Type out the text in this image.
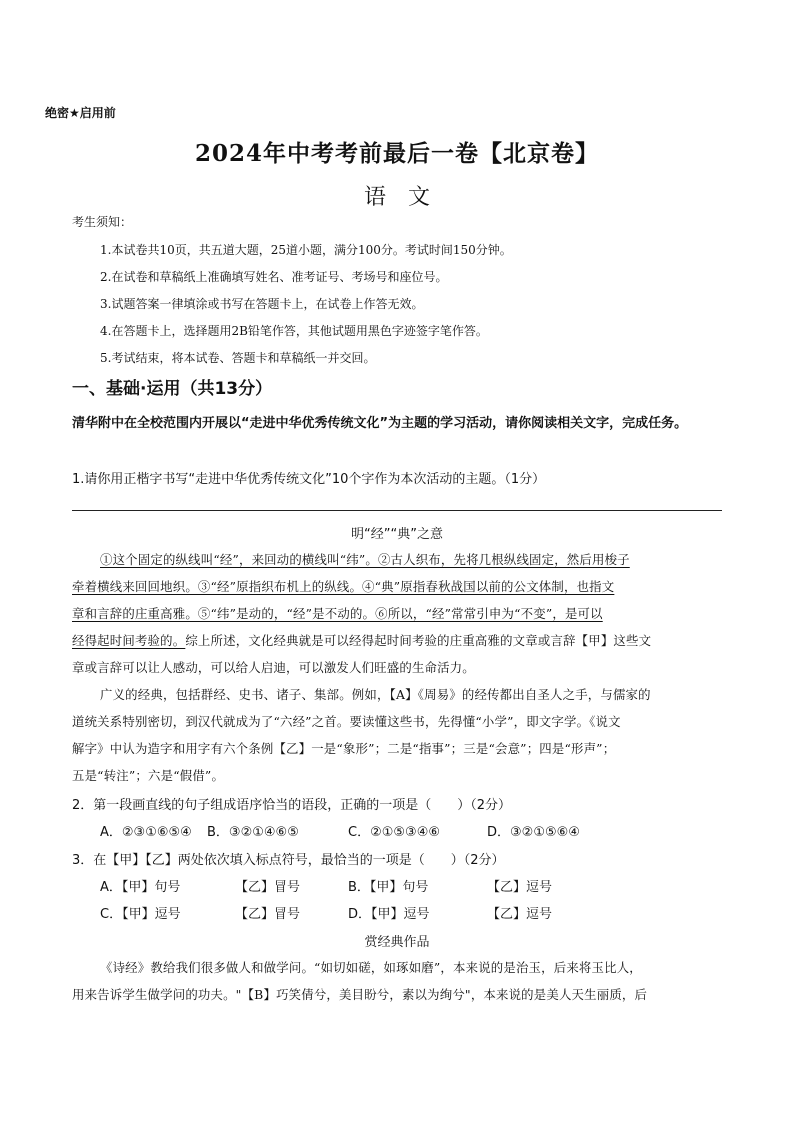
绝密★启用前
2024年中考考前最后一卷【北京卷】
语文
考生须知：
1.本试卷共10页，共五道大题，25道小题，满分100分。考试时间150分钟。
2.在试卷和草稿纸上准确填写姓名、准考证号、考场号和座位号。
3.试题答案一律填涂或书写在答题卡上，在试卷上作答无效。
4.在答题卡上，选择题用2B铅笔作答，其他试题用黑色字迹签字笔作答。
5.考试结束，将本试卷、答题卡和草稿纸一并交回。
一、基础·运用（共13分）
清华附中在全校范围内开展以“走进中华优秀传统文化”为主题的学习活动，请你阅读相关文字，完成任务。
1.请你用正楷字书写“走进中华优秀传统文化”10个字作为本次活动的主题。（1分）
明“经”“典”之意
①这个固定的纵线叫“经”，来回动的横线叫“纬”。②古人织布，先将几根纵线固定，然后用梭子
牵着横线来回回地织。③“经”原指织布机上的纵线。④“典”原指春秋战国以前的公文体制，也指文
章和言辞的庄重高雅。⑤“纬”是动的，“经”是不动的。⑥所以，“经”常常引申为“不变”，是可以
经得起时间考验的。综上所述，文化经典就是可以经得起时间考验的庄重高雅的文章或言辞【甲】这些文
章或言辞可以让人感动，可以给人启迪，可以激发人们旺盛的生命活力。
广义的经典，包括群经、史书、诸子、集部。例如，【A】《周易》的经传都出自圣人之手，与儒家的
道统关系特别密切，到汉代就成为了“六经”之首。要读懂这些书，先得懂“小学”，即文字学。《说文
解字》中认为造字和用字有六个条例【乙】一是“象形”；二是“指事”；三是“会意”；四是“形声”；
五是“转注”；六是“假借”。
2．第一段画直线的句子组成语序恰当的语段，正确的一项是（　　）（2分）
A．②③①⑥⑤④ B．③②①④⑥⑤	C．②①⑤③④⑥	D．③②①⑤⑥④
3．在【甲】【乙】两处依次填入标点符号，最恰当的一项是（　　）（2分）
A．【甲】句号	【乙】冒号	B．【甲】句号	【乙】逗号
C．【甲】逗号	【乙】冒号	D．【甲】逗号	【乙】逗号
赏经典作品
《诗经》教给我们很多做人和做学问。“如切如磋，如琢如磨”，本来说的是治玉，后来将玉比人，
用来告诉学生做学问的功夫。"【B】巧笑倩兮，美目盼兮，素以为绚兮"，本来说的是美人天生丽质，后
